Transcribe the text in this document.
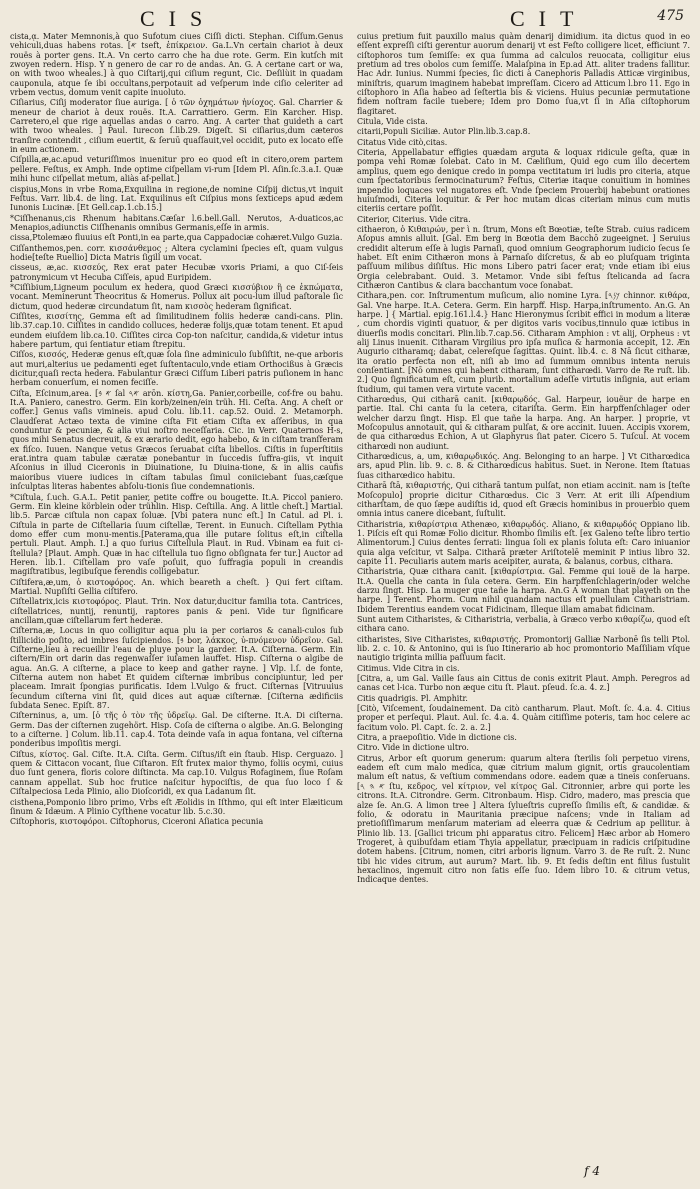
CIS	CIT	475

cista,ᾳ. Mater Memnonis,à quo Sufotum ciues Ciſſi dicti. Stephan. Ciſſum.Genus vehiculi,duas habens rotas. [𐤀 tseft, ἐπίκρειον. Ga.L.Vn certain chariot à deux rouës à porter gens. It.A. Vn certo carro che ha due rote. Germ. Ein kutſch mit zwoyen redern. Hisp. Y n genero de car ro de andas. An. G. A certane cart or wa, on with twoo wheales.] à quo Ciſtarij,qui ciſium regunt, Cic. Deſilùit in quadam cauponula, atque ſe ibi occultans,perpotauit ad veſperum inde ciſio celeriter ad vrbem vectus, domum venit capite inuoluto.

Ciſiarius, Ciſij moderator ſiue auriga. [ ὁ τῶν ὀχημάτων ἡνίοχος. Gal. Charrier & meneur de chariot à deux rouës. It.A. Carrattiero. Germ. Ein Karcher. Hisp. Carretero,el que rige aquellas andas o carro. Ang. A carter that guideth a cart with twoo wheales. ] Paul. Iurecon ſ.lib.29. Digeſt. Si ciſiarius,dum cæteros tranſire contendit , ciſium euertit, & ſeruū quaſſauit,vel occidit, puto ex locato eſſe in eum actionem.

Ciſpilla,æ,ac.apud veturiſſimos inuenitur pro eo quod eſt in citero,orem partem pellere. Feſtus, ex Amph. Inde optime ciſpellam vi-rum [Idem Pl. Aſin.ſc.3.a.I. Quæ mihi hunc ciſpellat metum, aliàs af-pellat.]

cispius,Mons in vrbe Roma,Exquilina in regione,de nomine Ciſpij dictus,vt inquit Feſtus. Varr. lib.4. de ling. Lat. Exquilinus eſt Ciſpius mons ſexticeps apud ædem Iunonis Lucinæ. [Et Gell.cap.1.cb.15.]

*Ciſſhenanus,cis Rhenum habitans.Cæſar l.6.bell.Gall. Nerutos, A-duaticos,ac Menapios,adiunctis Ciſſhenanis omnibus Germanis,eſſe in armis.

cissa,Ptolemæo fluuius eſt Ponti,in ea parte,qua Cappadociæ cohæret.Vulgo Guzia.

Ciſſanthemos,pen. corr. κισσάνθεμος ; Altera cyclamini ſpecies eſt, quam vulgus hodie[teſte Ruellio] Dicta Matris ſigill um vocat.

cisseus, æ,ac. κισσεύς, Rex erat pater Hecubæ vxoris Priami, a quo Ciſ-ſeis patronymicum vt Hecuba Ciſſeis, apud Euripidem.

*Ciſſibium,Ligneum poculum ex hedera, quod Græci κισσύβιον ἢ ce ἐκπώματα, vocant. Meminerunt Theocritus & Homerus. Pollux ait pocu-lum illud paſtorale ſic dictum, quod hederæ circundatum ſit, nam κισσὸς hederam ſignificat.

Ciſſites, κισσίτης, Gemma eſt ad ſimilitudinem foliis hederæ candi-cans. Plin. lib.37.cap.10. Ciſſites in candido colluces, hederæ folijs,quæ totam tenent. Et apud eundem eiuſdem lib.ca.10. Ciſſites circa Cop-ton naſcitur, candida,& videtur intus habere partum, qui ſentiatur etiam ſtrepitu.

Ciſſos, κισσός, Hederæ genus eſt,quæ ſola ſine adminiculo ſubſiſtit, ne-que arboris aut muri,alterius ue pedamenti eget ſuſtentaculo,vnde etiam Orthocißus à Græcis dicitur,quaſi recta hedera. Fabulantur Græci Ciſſum Liberi patris puſionem in hanc herbam conuerſum, ei nomen feciſſe.

Ciſta, Eſcinum,area. [𐤀 𐤁 ſal 𐤀𐤓 arōn. κίστη,Ga. Panier,corbeille, cof-fre ou bahu. It.A. Paniero, canestro. Germ. Ein korb/zeinen/ein trüh. Hi. Ceſta. Ang. A cheſt or coffer.] Genus vaſis vimineis. apud Colu. lib.11. cap.52. Ouid. 2. Metamorph. Claudſerat Actæo texta de vimine ciſta Fit etiam Ciſta ex aſſeribus, in qua conduntur & pecuniæ, & alia viui noſtro neceſſaria. Cic. in Verr. Quaternos H-s, quos mihi Senatus decreuit, & ex ærario dedit, ego habebo, & in ciſtam tranſferam ex fiſco. Iuuen. Nanque vetus Græcos ſeruabat ciſta libellos. Ciſtis in ſuperſtitiis erat.intra quam tabulæ cæratæ ponebantur in ſuccedis ſuffra-giis, vt inquit Aſconius in illud Ciceronis in Diuinatione, Iu Diuina-tione, & in aliis caufis maioribus viuere iudices in ciſtam tabulas ſimul coniiciebant ſuas,cæſque inſculptas literas habentes abſolu-tionis ſiue condemnationis.

*Ciſtula, ſ.uch. G.A.L. Petit panier, petite coffre ou bougette. It.A. Piccol paniero. Germ. Ein kleine körblein oder trühlin. Hisp. Ceſtilla. Ang. A little cheſt.] Martial. lib.5. Parcæ ciſtula non capax ſoluæ. [Vbi patera nunc eſt.] In Catul. ad Pl. i. Ciſtula in parte de Ciſtellaria ſuum ciſtellæ, Terent. in Eunuch. Ciſtellam Pythia domo effer cum monu-mentis.[Paterama,qua ille putare ſolitus eſt,in ciſtella pertuli. Plaut. Amph. I.] a quo ſurius Ciſtellula Plaut. in Rud. Vbinam ea fuit ci-ſtellula? [Plaut. Amph. Quæ in hac ciſtellula tuo ſigno obſignata fer tur.] Auctor ad Heren. lib.1. Ciſtellam pro vaſe poſuit, quo ſuffragia populi in creandis magiſtratibus, legibuſque ferendis colligebatur.

Ciſtifera,æ,um, ὁ κιστοφόρος. An. which beareth a cheſt. } Qui fert ciſtam. Martial. Nupſiſti Gellia ciſtifero.

Ciſtellatrix,icis κιστοφόρος. Plaut. Trin. Nox datur,ducitur familia tota. Cantrices, ciſtellatrices, nuntij, renuntij, raptores panis & peni. Vide tur ſignificare ancillam,quæ ciſtellarum fert hederæ.

Ciſterna,æ, Locus in quo colligitur aqua plu ia per coriaros & canali-culos ſub ſtillicidio poſito, ad imbres ſuſcipiendos. [𐤁 bor, λάκκος, ὑ-πνόμενον ὑδρεῖον. Gal. Ciſterne,lieu à recueillir l'eau de pluye pour la garder. It.A. Ciſterna. Germ. Ein ciſtern/Ein ort darin das regenwaſſer iuſamen lauffet. Hisp. Ciſterna o algibe de agua. An.G. A ciſterne, a place to keep and gather rayne. ] Vlp. l.ſ. de fonte, Ciſterna autem non habet Et quidem ciſternæ imbribus concipiuntur, led per placeam. Imrait ſpongias purificatis. Idem l.Vulgo & fruct. Ciſternas [Vitruuius ſecundum ciſterna vini ſit, quid dices aut aquæ ciſternæ. [Ciſterna ædificiis ſubdata Senec. Epiſt. 87.

Ciſterninus, a, um. [ὁ τῆς ὁ τὸν τῆς ὑδρεῖῳ. Gal. De ciſterne. It.A. Di ciſterna. Germ. Das der ciſternen zugehört. Hisp. Coſa de ciſterna o algibe. An.G. Belonging to a ciſterne. ] Colum. lib.11. cap.4. Tota deinde vaſa in aqua fontana, vel ciſterna ponderibus impoſitis mergi.

Ciſtus, κίστος. Gal. Ciſte. It.A. Ciſta. Germ. Ciſtus/iſt ein ſtaub. Hisp. Cerguazo. ] quem & Cittacon vocant, ſiue Ciſtaron. Eſt frutex maior thymo, foliis ocymi, cuius duo ſunt genera, floris colore diſtincta. Ma cap.10. Vulgus Rofaginem, ſiue Roſam cannam appellat. Sub hoc frutice naſcitur hypociſtis, de qua ſuo loco ſ & Ciſtalpeciosa Leda Plinio, alio Dioſcoridi, ex qua Ladanum ſit.

cisthena,Pomponio libro primo, Vrbs eſt Æolidis in Iſthmo, qui eſt inter Elæiticum ſinum & Idæum. A Plinio Cyſthene vocatur lib. 5.c.30.

Ciſtophoris, κιστοφόροι. Ciſtophorus, Ciceroni Aſiatica pecunia

cuius pretium fuit pauxillo maius quàm denarij dimidium. ita dictus quod in eo eſſent expreſſi ciſti gerentur auorum denarij vt est Feſto colligere licet, efficiunt 7. ciſtophoros tum ſemiſſe: ex qua ſumma ad calculos reuocata, colligitur eius pretium ad tres obolos cum ſemiſſe. Malaſpina in Ep.ad Att. aliter tradens fallitur. Hac Adr. Iunius. Nummi ſpecies, ſic dicti à Canephoris Palladis Atticæ virginibus, miniſtris, quarum imaginem habebat impreſſam. Cicero ad Atticum l.bro 11. Ego in ciſtophoro in Aſia habeo ad ſeſtertia bis & viciens. Huius pecuniæ permutatione fidem noſtram facile tuebere; Idem pro Domo ſua,vt ſi in Aſia ciſtophorum flagitaret.

Citula, Vide cista.

citarii,Populi Siciliæ. Autor Plin.lib.3.cap.8.

Citatus Vide citò,citas.

Citeria, Appellabatur effigies quædam arguta & loquax ridicule geſta, quæ in pompa vehi Romæ ſolebat. Cato in M. Cæliſium, Quid ego cum illo decertem amplius, quem ego denique credo in pompa vectitatum iri ludis pro citeria, atque cum ſpectatoribus ſermocinaturum? Feſtus, Citeriæ itaque conuitium in homines impendio loquaces vel nugatores eſt. Vnde ſpeciem Prouerbij habebunt orationes huiuſmodi, Citeria loquitur. & Per hoc mutam dicas citeriam minus cum mutis citeriis certare poſſit.

Citerior, Citerius. Vide citra.

cithaeron, ὁ Κιθαιρών, per ὶ n. ſtrum, Mons eſt Bœotiæ, teſte Strab. cuius radicem Aſopus amnis alluit. [Gal. Em berg in Bœotia dem Bacchō zugeeignet. ] Seruius credidit alterum eſſe à lugis Parnaſi, quod omnium Geographorum iudicio ſecus ſe habet. Eſt enim Cithæron mons à Parnaſo diſcretus, & ab eo pluſquam triginta paſſuum milibus diſiſtus. Hic mons Libero patri ſacer erat; vnde etiam ibi eius Orgia celebrabant. Ouid. 3. Metamor. Vnde sibi feſtus ſtelicanda ad ſacra Cithæron Cantibus & clara bacchantum voce ſonabat.

Cithara,pen. cor. Inſtrumentum muſicum, alio nomine Lyra. [𐤊𐤍𐤓 chinnor. κιθάρα, Gal. Vne harpe. It.A. Cetera. Germ. Ein harpff. Hisp. Harpa,inſtrumento. An.G. An harpe. ] { Martial. epig.161.l.4.} Hanc Hieronymus ſcribit effici in modum a literæ , cum chordis viginti quatuor, & per digitos varis vocibus,tinnulo quæ ictibus in diuerſis modis concitari. Plin.lib.7.cap.56. Citharam Amphion : vt alij, Orpheus : vt alij Linus inuenit. Citharam Virgilius pro ipſa muſica & harmonia accepit, 12. Æn Augurio citharamq; dabat, celereſque ſagittas. Quint. lib.4. c. 8 Nā ſicut citharæ, ita oratio perfecta non eſt, niſi ab imo ad ſummum omnibus intenta neruis conſentiant. [Nō omnes qui habent citharam, ſunt citharœdi. Varro de Re ruſt. lib. 2.] Quo ſignificatum eſt, cum plurib. mortalium adeſſe virtutis inſignia, aut eriam ſtudium, qui tamen vera virtute vacent.

Citharœdus, Qui citharā canit. [κιθαρῳδός. Gal. Harpeur, iouëur de harpe en partie. Ital. Chi canta ſu la cetera, citariſta. Germ. Ein harpffenſchlager oder welcher darzu ſingt. Hisp. El que tañe la harpa. Ang. An harper. ] proprie, vt Moſcopulus annotauit, qui & citharam pulſat, & ore accinit. Iuuen. Accipis vxorem, de qua citharœdus Echion, A ut Glaphyrus ſiat pater. Cicero 5. Tuſcul. At vocem citharœdi non audiunt.

Citharœdicus, a, um, κιθαρῳδικός. Ang. Belonging to an harpe. ] Vt Citharœdica ars, apud Plin. lib. 9. c. 8. & Citharœdicus habitus. Suet. in Nerone. Item ſtatuas ſuas citharœdico habitu.

Citharā ſtā, κιθαριστής, Qui citharā tantum pulſat, non etiam accinit. nam is [teſte Moſcopulo] proprie dicitur Citharœdus. Cic 3 Verr. At erit illi Aſpendium citharſtam, de quo ſæpe audiſtis id, quod eſt Græcis hominibus in prouerbio quem omnia intus canere dicebant, ſuſtulit.

Citharistria, κιθαρίστρια Athenæo, κιθαρῳδός. Aliano, & κιθαρῳδός Oppiano lib. 1. Piſcis eſt qui Romæ Folio dicitur. Rhombo ſimilis eſt. [ex Galeno teſte libro tertio Alimentorum.] Cuius dentes ſerrati: lingua ſoli ex planis ſoluta eſt: Caro iniuanior quia alga veſcitur, vt Salpa. Citharā præter Ariſtotelē meminit P intius libro 32. capite 11. Peculiaris autem maris aceipiter, aurata, & balanus, corbus, cithara.

Citharistria, Quæ cithara canit. [κιθαρίστρια. Gal. Femme qui iouë de la harpe. It.A. Quella che canta in ſula cetera. Germ. Ein harpffenſchlagerin/oder welche darzu ſingt. Hisp. La muger que tañe la harpa. An.G A woman that playeth on the harpe. ] Terent. Phorm. Cum nihil quandam nactus eſt puellulam Citharistriam. Ibidem Terentius eandem vocat Fidicinam, Illeque illam amabat fidicinam.

Sunt autem Citharistes, & Citharistria, verbalia, à Græco verbo κιθαρίζω, quod eſt cithara cano.

citharistes, Sive Citharistes, κιθαριστής. Promontorij Galliæ Narbonē ſis telli Ptol. lib. 2. c. 10. & Antonino, qui is ſuo Itinerario ab hoc promontorio Maſſiliam vſque nautigio triginta millia paſſuum facit.

Citimus. Vide Citra in cis.

[Citra, a, um Gal. Vaille ſaus ain Cittus de conis exitrit Plaut. Amph. Peregros ad canas cet l-ica. Turbo non æque citu ſt. Plaut. pſeud. ſc.a. 4. z.]

Citis quadrigis. Pl. Amphitr.

[Citò, Viſcement, ſoudainement. Da citò cantharum. Plaut. Moſt. ſc. 4.a. 4. Citius proper et perſequi. Plaut. Aul. ſc. 4.a. 4. Quàm citiſſime poteris, tam hoc celere ac facitum volo. Pl. Capt. ſc. 2. a. 2.]

Citra, a praepoſitio. Vide in dictione cis.

Citro. Vide in dictione ultro.

Citrus, Arbor eſt quorum generum: quarum altera ſterilis ſoli perpetuo virens, eadem eſt cum malo medica, quæ citrium malum gignit, ortis graucolentiam malum eſt natus, & veſtium commendans odore. eadem quæ a tineis conſeruans. [𐤀 𐤄 𐤓 ſtu, κεδρος, vel κίτριον, vel κίτρος Gal. Citronnier, arbre qui porte les citrons. It.A. Citrondre. Germ. Citronbaum. Hisp. Cidro, madero, mas prescia que alze ſe. An.G. A limon tree ] Altera ſylueſtris cupreſſo ſimilis eſt, & candidæ. & folio, & odoratu in Mauritania præcipue naſcens; vnde in Italiam ad pretioſiſſimarum menſarum materiam ad eleerra quæ & Cedrium ap pellitur. à Plinio lib. 13. [Gallici tricum phi apparatus citro. Felicem] Hæc arbor ab Homero Trogeret, à quibuſdam etiam Thyia appellatur, præcipuam in radicis criſpitudine dotem habens. [Citrum, nomen, citri arboris lignum. Varro 3. de Re ruſt. 2. Nunc tibi hic vides citrum, aut aurum? Mart. lib. 9. Et ſedis deſtin ent filius ſustulit hexaclinos, ingemuit citro non ſatis eſſe ſuo. Idem libro 10. & citrum vetus, Indicaque dentes.

f 4
